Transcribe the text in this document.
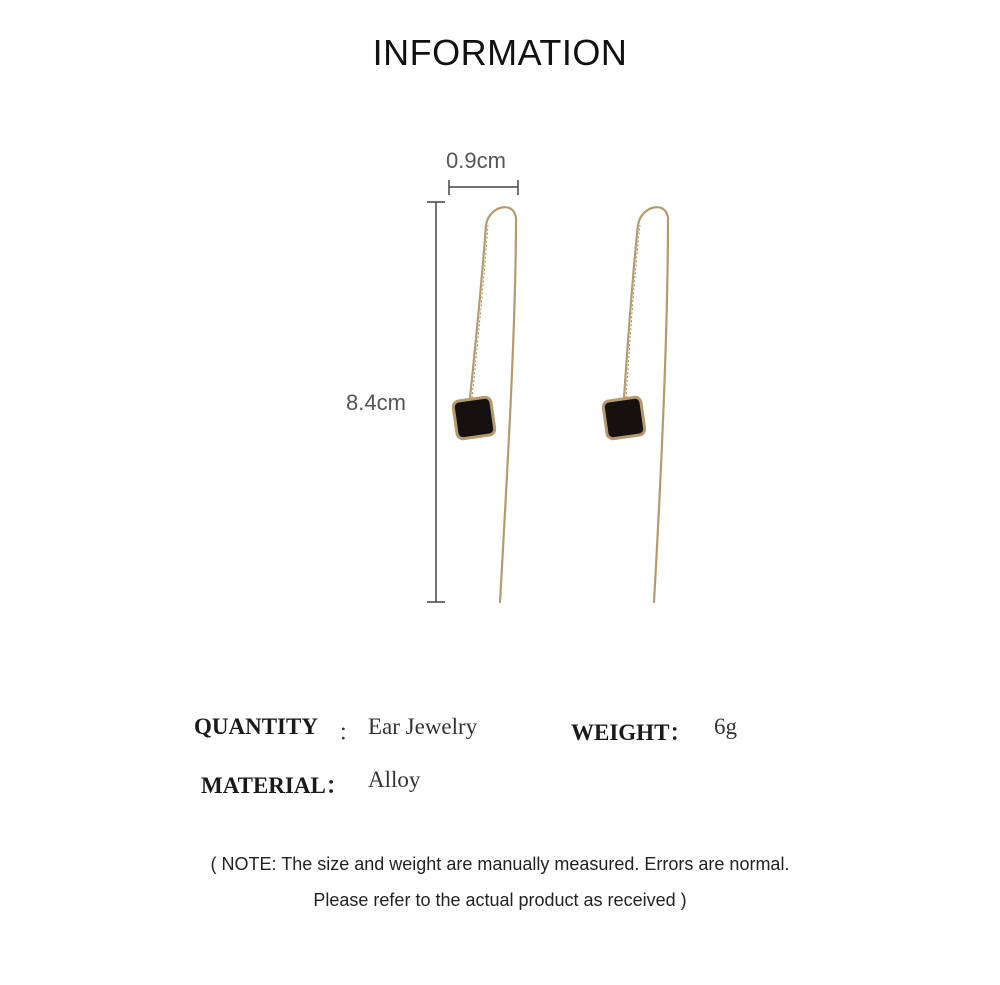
INFORMATION
0.9cm
8.4cm
QUANTITY ： Ear Jewelry	WEIGHT： 6g
MATERIAL： Alloy
( NOTE: The size and weight are manually measured. Errors are normal.
Please refer to the actual product as received )
